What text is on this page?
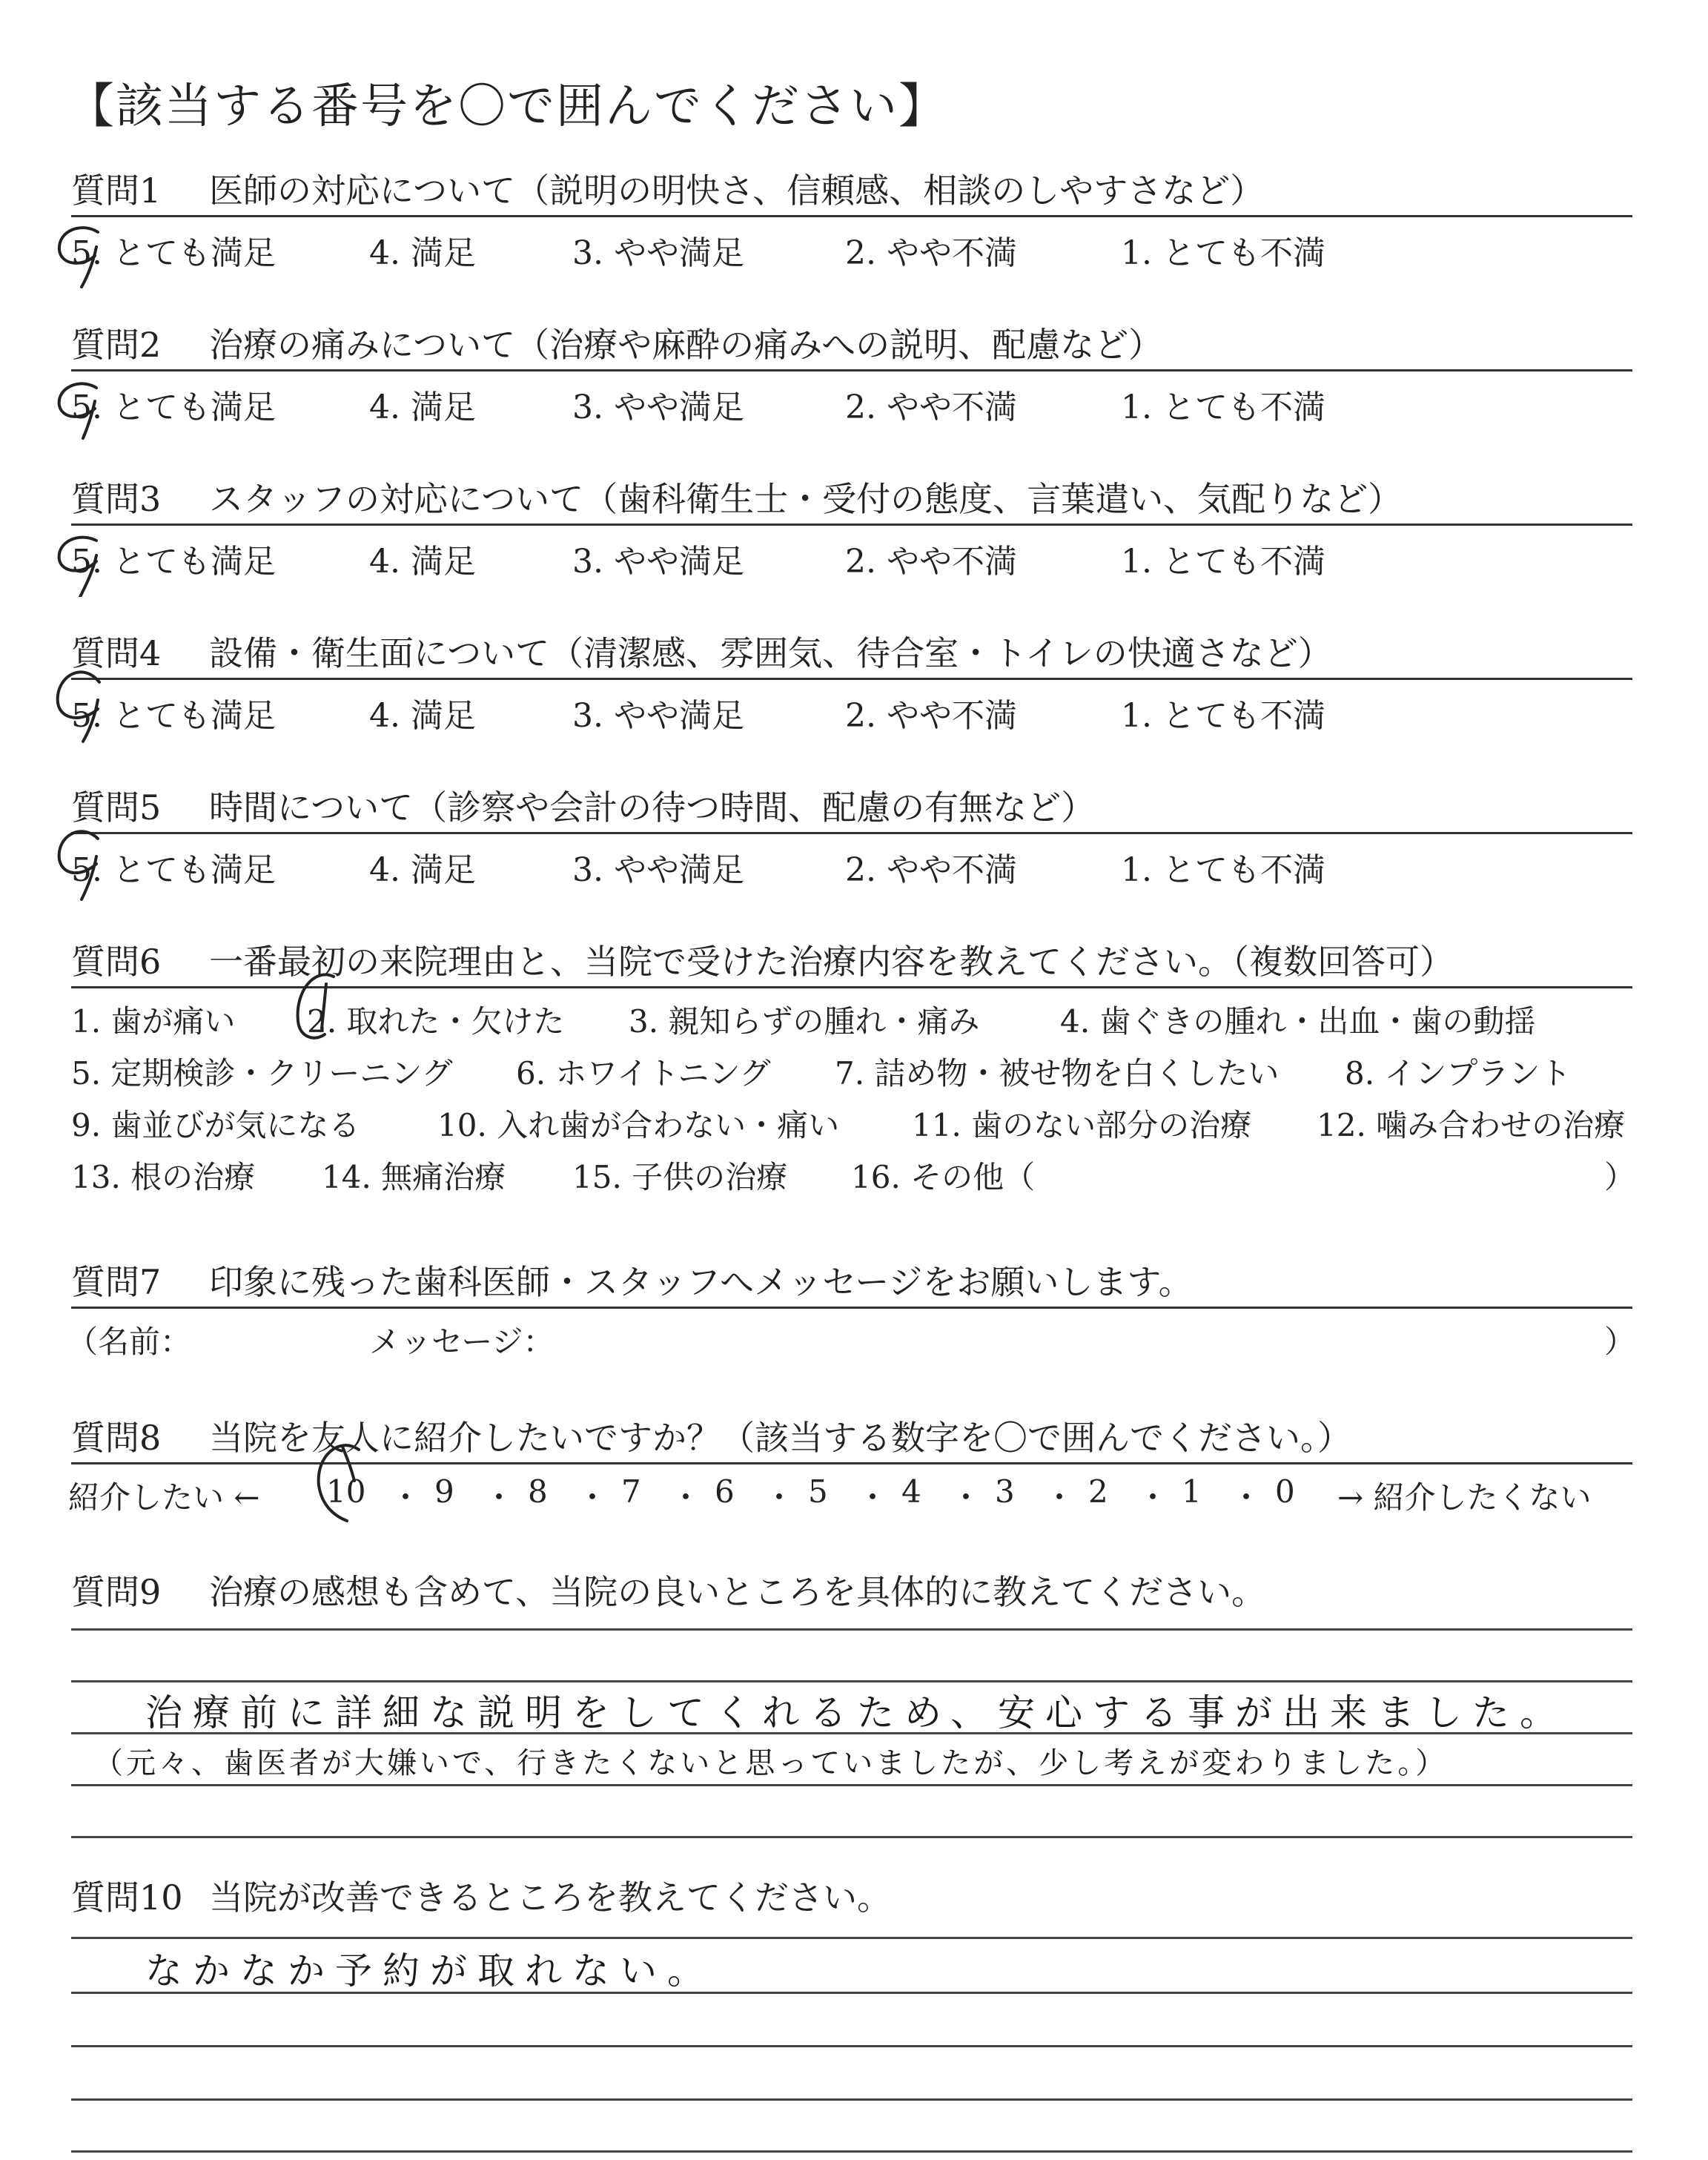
【該当する番号を〇で囲んでください】
質問1 医師の対応について（説明の明快さ、信頼感、相談のしやすさなど）
5. とても満足	4. 満足	3. やや満足	2. やや不満	1. とても不満
質問2 治療の痛みについて（治療や麻酔の痛みへの説明、配慮など）
5. とても満足	4. 満足	3. やや満足	2. やや不満	1. とても不満
質問3 スタッフの対応について（歯科衛生士・受付の態度、言葉遣い、気配りなど）
5. とても満足	4. 満足	3. やや満足	2. やや不満	1. とても不満
質問4 設備・衛生面について（清潔感、雰囲気、待合室・トイレの快適さなど）
5. とても満足	4. 満足	3. やや満足	2. やや不満	1. とても不満
質問5 時間について（診察や会計の待つ時間、配慮の有無など）
5. とても満足	4. 満足	3. やや満足	2. やや不満	1. とても不満
質問6 一番最初の来院理由と、当院で受けた治療内容を教えてください。（複数回答可）
1. 歯が痛い 2. 取れた・欠けた 3. 親知らずの腫れ・痛み	4. 歯ぐきの腫れ・出血・歯の動揺
5. 定期検診・クリーニング 6. ホワイトニング 7. 詰め物・被せ物を白くしたい 8. インプラント
9. 歯並びが気になる 10. 入れ歯が合わない・痛い 11. 歯のない部分の治療 12. 噛み合わせの治療
13. 根の治療 14. 無痛治療 15. 子供の治療 16. その他（	）
質問7 印象に残った歯科医師・スタッフへメッセージをお願いします。
（名前：	メッセージ：	）
質問8 当院を友人に紹介したいですか？（該当する数字を〇で囲んでください。）
紹介したい ← 10 ・ 9 ・ 8 ・ 7 ・ 6 ・ 5 ・ 4 ・ 3 ・ 2 ・ 1 ・ 0 → 紹介したくない
質問9 治療の感想も含めて、当院の良いところを具体的に教えてください。
治療前に詳細な説明をしてくれるため、安心する事が出来ました。
（元々、歯医者が大嫌いで、行きたくないと思っていましたが、少し考えが変わりました。）
質問10 当院が改善できるところを教えてください。
なかなか予約が取れない。
